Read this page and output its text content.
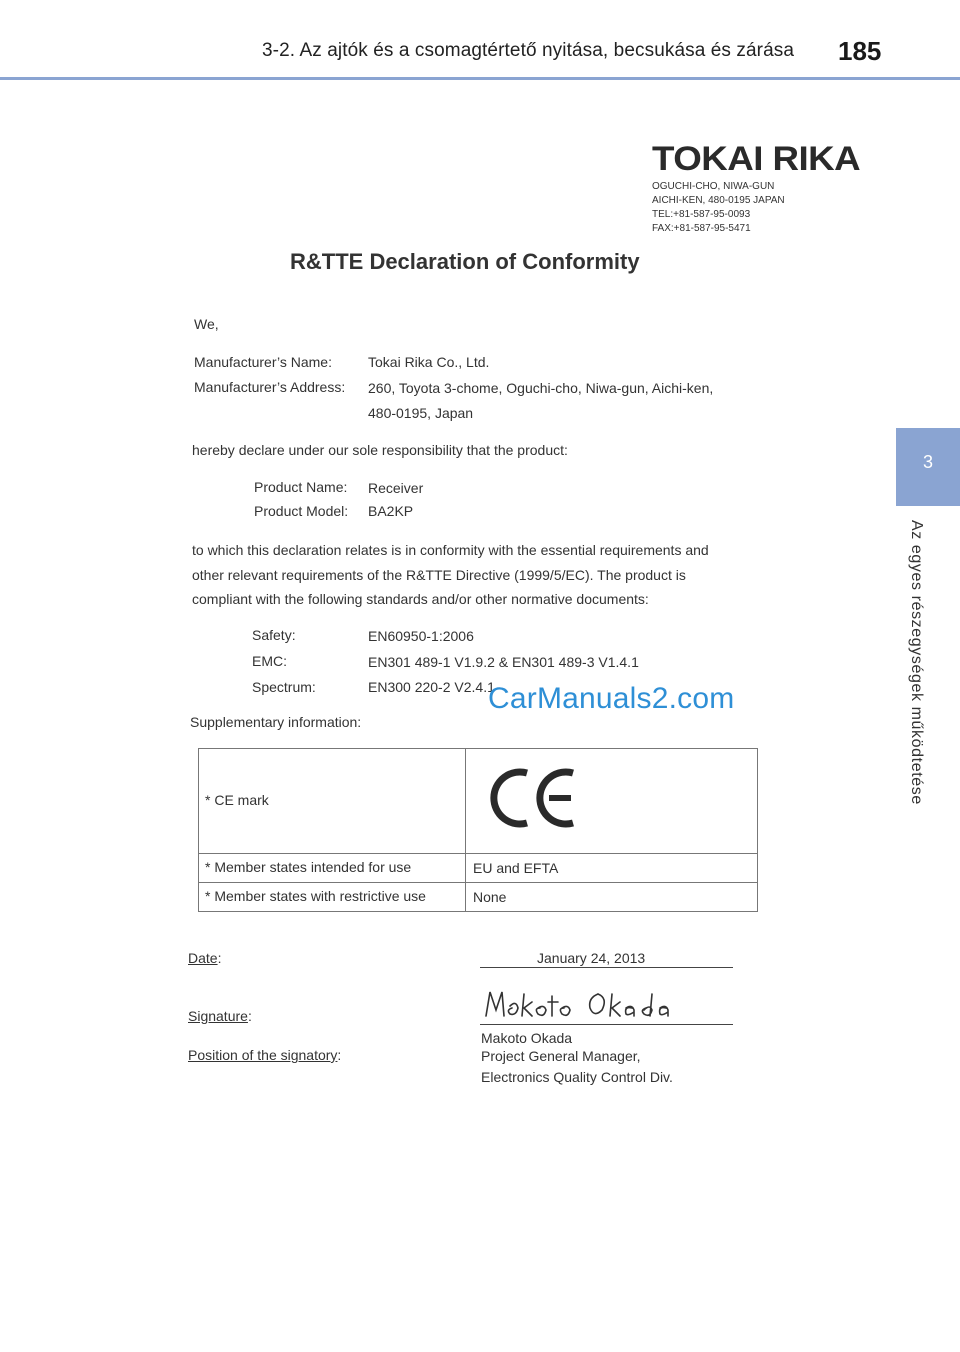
3-2. Az ajtók és a csomagtértető nyitása, becsukása és zárása	185
3
Az egyes részegységek működtetése
TOKAI RIKA
OGUCHI-CHO, NIWA-GUN
AICHI-KEN, 480-0195 JAPAN
TEL:+81-587-95-0093
FAX:+81-587-95-5471
R&TTE Declaration of Conformity
We,
Manufacturer’s Name:	Tokai Rika Co., Ltd.
Manufacturer’s Address: 260, Toyota 3-chome, Oguchi-cho, Niwa-gun, Aichi-ken,
480-0195, Japan
hereby declare under our sole responsibility that the product:
Product Name: Receiver
Product Model: BA2KP
to which this declaration relates is in conformity with the essential requirements and
other relevant requirements of the R&TTE Directive (1999/5/EC). The product is
compliant with the following standards and/or other normative documents:
Safety:	EN60950-1:2006
EMC:	EN301 489-1 V1.9.2 & EN301 489-3 V1.4.1
Spectrum:	EN300 220-2 V2.4.1
CarManuals2.com
Supplementary information:
* CE mark
* Member states intended for use	EU and EFTA
* Member states with restrictive use	None
Date:	January 24, 2013
Signature:
Makoto Okada
Position of the signatory:	Project General Manager,
Electronics Quality Control Div.
